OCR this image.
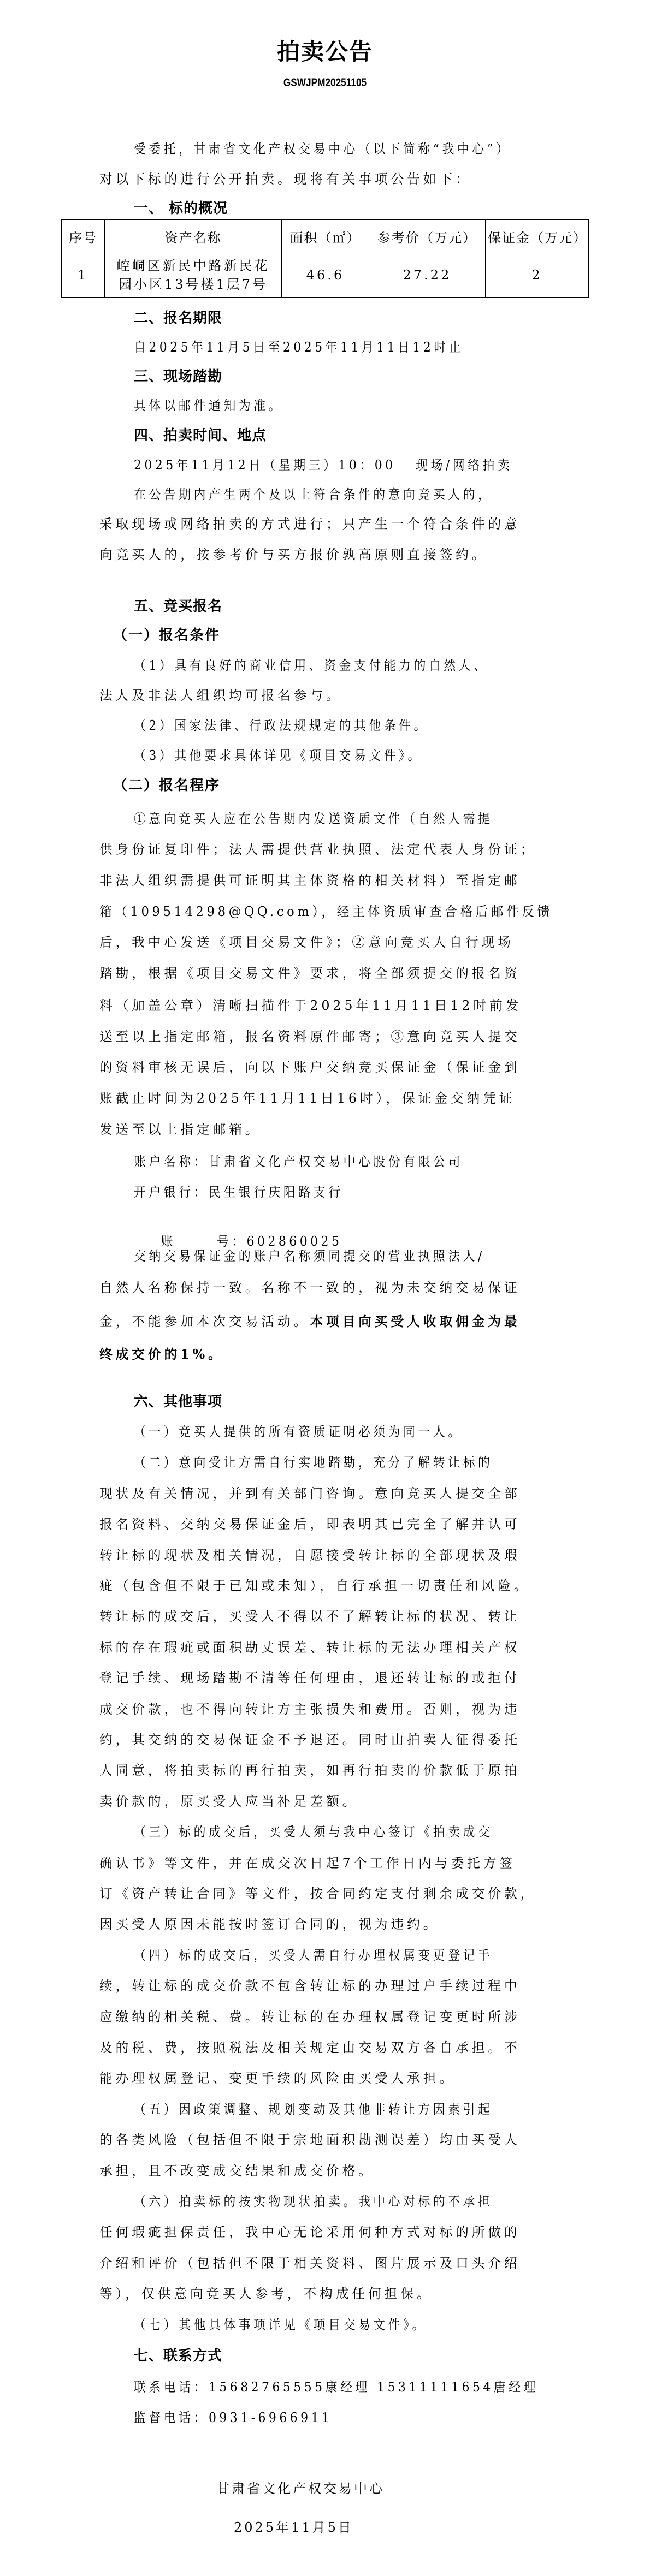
拍卖公告
GSWJPM20251105
受委托，甘肃省文化产权交易中心（以下简称“我中心”）
对以下标的进行公开拍卖。现将有关事项公告如下：
一、 标的概况
序号	资产名称	面积（㎡）	参考价（万元）	保证金（万元）
1	崆峒区新民中路新民花
园小区13号楼1层7号	46.6	27.22	2
二、报名期限
自2025年11月5日至2025年11月11日12时止
三、现场踏勘
具体以邮件通知为准。
四、拍卖时间、地点
2025年11月12日（星期三）10：00 现场/网络拍卖
在公告期内产生两个及以上符合条件的意向竞买人的，
采取现场或网络拍卖的方式进行；只产生一个符合条件的意
向竞买人的，按参考价与买方报价孰高原则直接签约。
五、竞买报名
（一）报名条件
（1）具有良好的商业信用、资金支付能力的自然人、
法人及非法人组织均可报名参与。
（2）国家法律、行政法规规定的其他条件。
（3）其他要求具体详见《项目交易文件》。
（二）报名程序
①意向竞买人应在公告期内发送资质文件（自然人需提
供身份证复印件；法人需提供营业执照、法定代表人身份证；
非法人组织需提供可证明其主体资格的相关材料）至指定邮
箱（109514298@QQ.com），经主体资质审查合格后邮件反馈
后，我中心发送《项目交易文件》；②意向竞买人自行现场
踏勘，根据《项目交易文件》要求，将全部须提交的报名资
料（加盖公章）清晰扫描件于2025年11月11日12时前发
送至以上指定邮箱，报名资料原件邮寄；③意向竞买人提交
的资料审核无误后，向以下账户交纳竞买保证金（保证金到
账截止时间为2025年11月11日16时），保证金交纳凭证
发送至以上指定邮箱。
账户名称：甘肃省文化产权交易中心股份有限公司
开户银行：民生银行庆阳路支行

账      号：602860025

交纳交易保证金的账户名称须同提交的营业执照法人/
自然人名称保持一致。名称不一致的，视为未交纳交易保证
金，不能参加本次交易活动。本项目向买受人收取佣金为最
终成交价的1%。
六、其他事项
（一）竞买人提供的所有资质证明必须为同一人。
（二）意向受让方需自行实地踏勘，充分了解转让标的
现状及有关情况，并到有关部门咨询。意向竞买人提交全部
报名资料、交纳交易保证金后，即表明其已完全了解并认可
转让标的现状及相关情况，自愿接受转让标的全部现状及瑕
疵（包含但不限于已知或未知），自行承担一切责任和风险。
转让标的成交后，买受人不得以不了解转让标的状况、转让
标的存在瑕疵或面积勘丈误差、转让标的无法办理相关产权
登记手续、现场踏勘不清等任何理由，退还转让标的或拒付
成交价款，也不得向转让方主张损失和费用。否则，视为违
约，其交纳的交易保证金不予退还。同时由拍卖人征得委托
人同意，将拍卖标的再行拍卖，如再行拍卖的价款低于原拍
卖价款的，原买受人应当补足差额。
（三）标的成交后，买受人须与我中心签订《拍卖成交
确认书》等文件，并在成交次日起7个工作日内与委托方签
订《资产转让合同》等文件，按合同约定支付剩余成交价款，
因买受人原因未能按时签订合同的，视为违约。
（四）标的成交后，买受人需自行办理权属变更登记手
续，转让标的成交价款不包含转让标的办理过户手续过程中
应缴纳的相关税、费。转让标的在办理权属登记变更时所涉
及的税、费，按照税法及相关规定由交易双方各自承担。不
能办理权属登记、变更手续的风险由买受人承担。
（五）因政策调整、规划变动及其他非转让方因素引起
的各类风险（包括但不限于宗地面积勘测误差）均由买受人
承担，且不改变成交结果和成交价格。
（六）拍卖标的按实物现状拍卖。我中心对标的不承担
任何瑕疵担保责任，我中心无论采用何种方式对标的所做的
介绍和评价（包括但不限于相关资料、图片展示及口头介绍
等），仅供意向竞买人参考，不构成任何担保。
（七）其他具体事项详见《项目交易文件》。
七、联系方式
联系电话：15682765555康经理 15311111654唐经理
监督电话：0931-6966911
甘肃省文化产权交易中心
2025年11月5日
